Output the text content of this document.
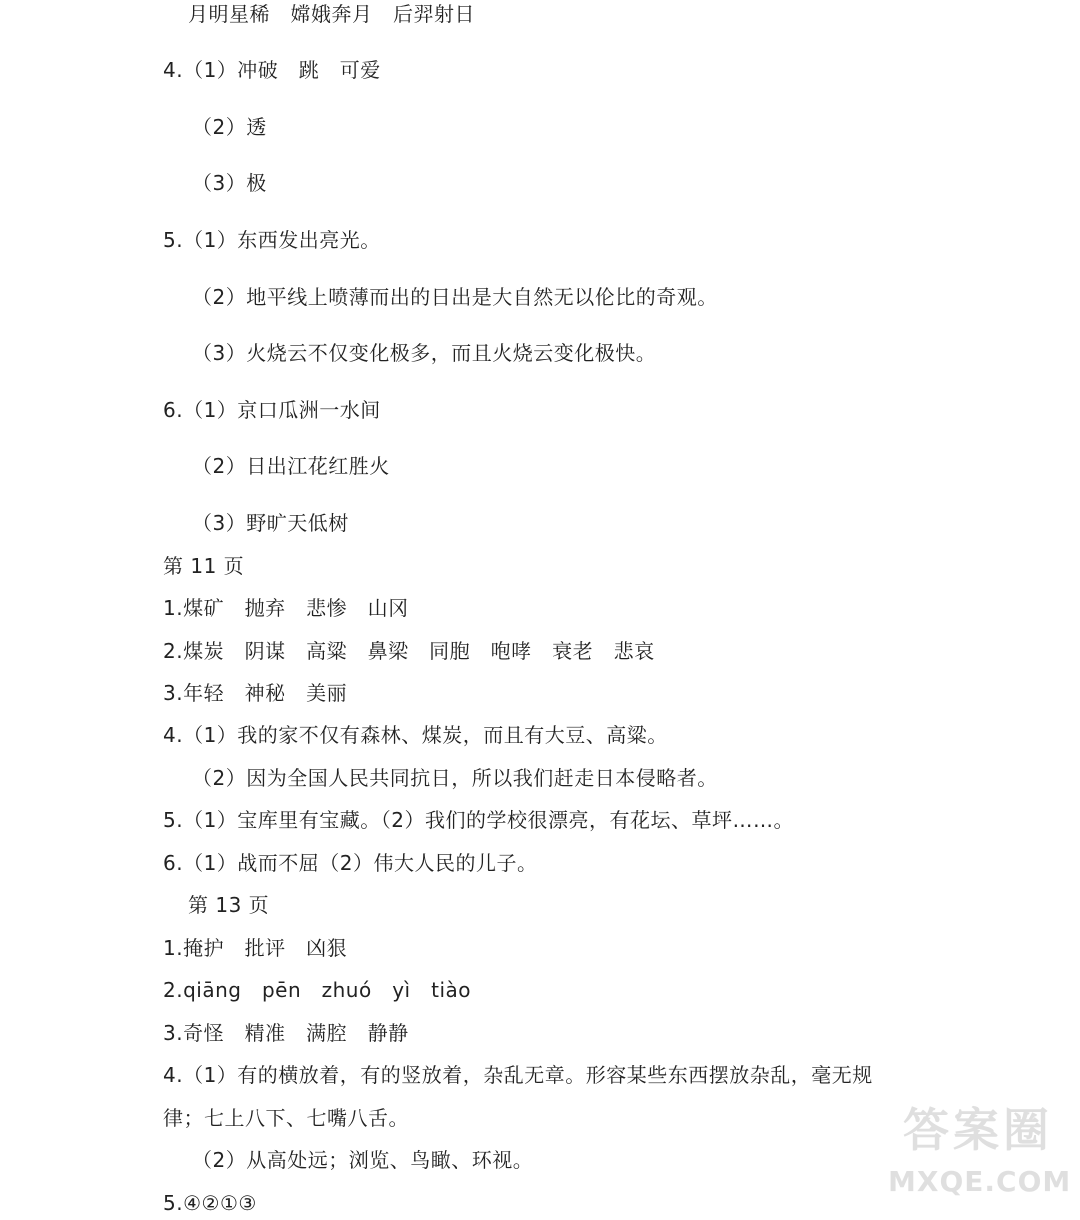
月明星稀　嫦娥奔月　后羿射日
4.（1）冲破　跳　可爱
（2）透
（3）极
5.（1）东西发出亮光。
（2）地平线上喷薄而出的日出是大自然无以伦比的奇观。
（3）火烧云不仅变化极多，而且火烧云变化极快。
6.（1）京口瓜洲一水间
（2）日出江花红胜火
（3）野旷天低树
第 11 页
1.煤矿　抛弃　悲惨　山冈
2.煤炭　阴谋　高粱　鼻梁　同胞　咆哮　衰老　悲哀
3.年轻　神秘　美丽
4.（1）我的家不仅有森林、煤炭，而且有大豆、高粱。
（2）因为全国人民共同抗日，所以我们赶走日本侵略者。
5.（1）宝库里有宝藏。（2）我们的学校很漂亮，有花坛、草坪……。
6.（1）战而不屈（2）伟大人民的儿子。
第 13 页
1.掩护　批评　凶狠
2.qiāng　pēn　zhuó　yì　tiào
3.奇怪　精准　满腔　静静
4.（1）有的横放着，有的竖放着，杂乱无章。形容某些东西摆放杂乱，毫无规
律；七上八下、七嘴八舌。
（2）从高处远；浏览、鸟瞰、环视。
5.④②①③
答案圈
MXQE.COM
